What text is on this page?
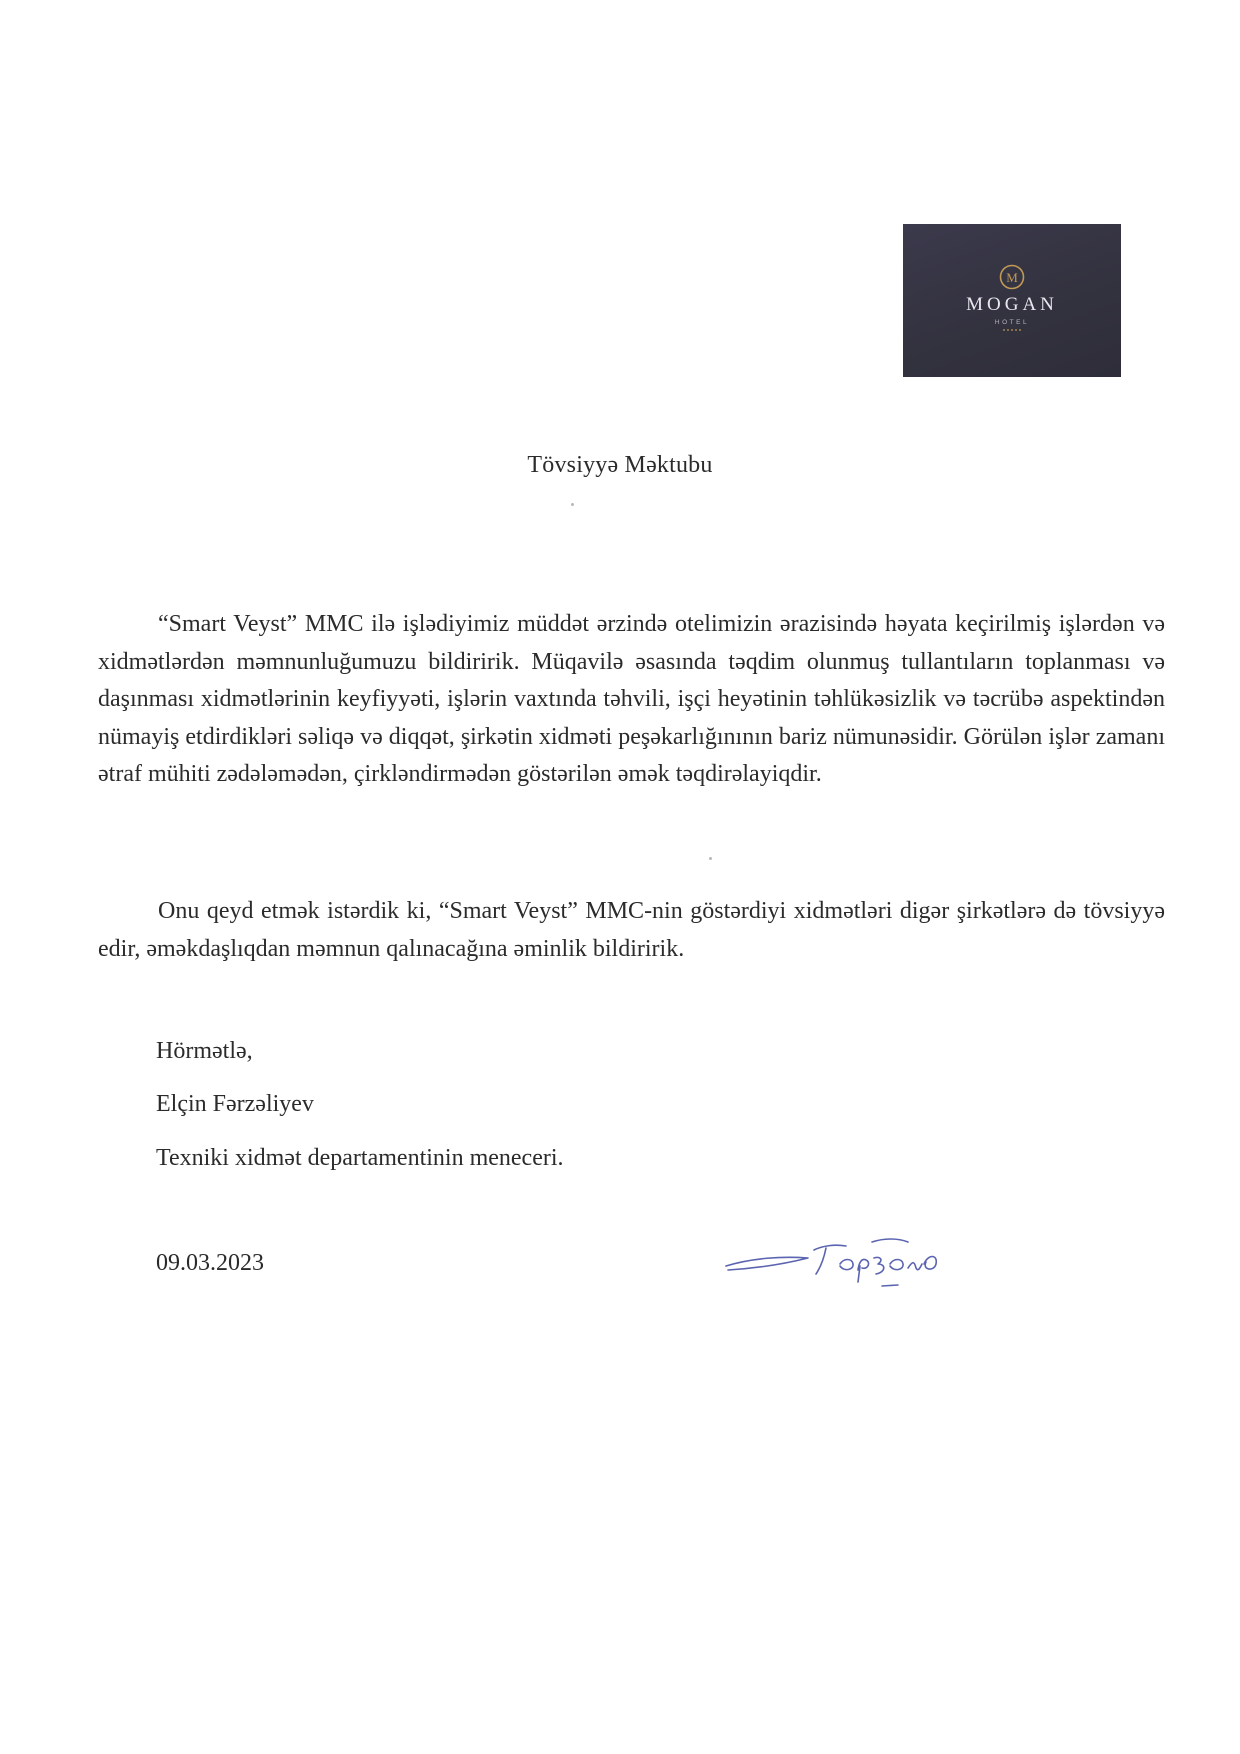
M
MOGAN
HOTEL
Tövsiyyə Məktubu

“Smart Veyst” MMC ilə işlədiyimiz müddət ərzində otelimizin ərazisində həyata keçirilmiş işlərdən və xidmətlərdən məmnunluğumuzu bildiririk. Müqavilə əsasında təqdim olunmuş tullantıların toplanması və daşınması xidmətlərinin keyfiyyəti, işlərin vaxtında təhvili, işçi heyətinin təhlükəsizlik və təcrübə aspektindən nümayiş etdirdikləri səliqə və diqqət, şirkətin xidməti peşəkarlığınının bariz nümunəsidir. Görülən işlər zamanı ətraf mühiti zədələmədən, çirkləndirmədən göstərilən əmək təqdirəlayiqdir.

Onu qeyd etmək istərdik ki, “Smart Veyst” MMC-nin göstərdiyi xidmətləri digər şirkətlərə də tövsiyyə edir, əməkdaşlıqdan məmnun qalınacağına əminlik bildiririk.

Hörmətlə,
Elçin Fərzəliyev
Texniki xidmət departamentinin meneceri.
09.03.2023
